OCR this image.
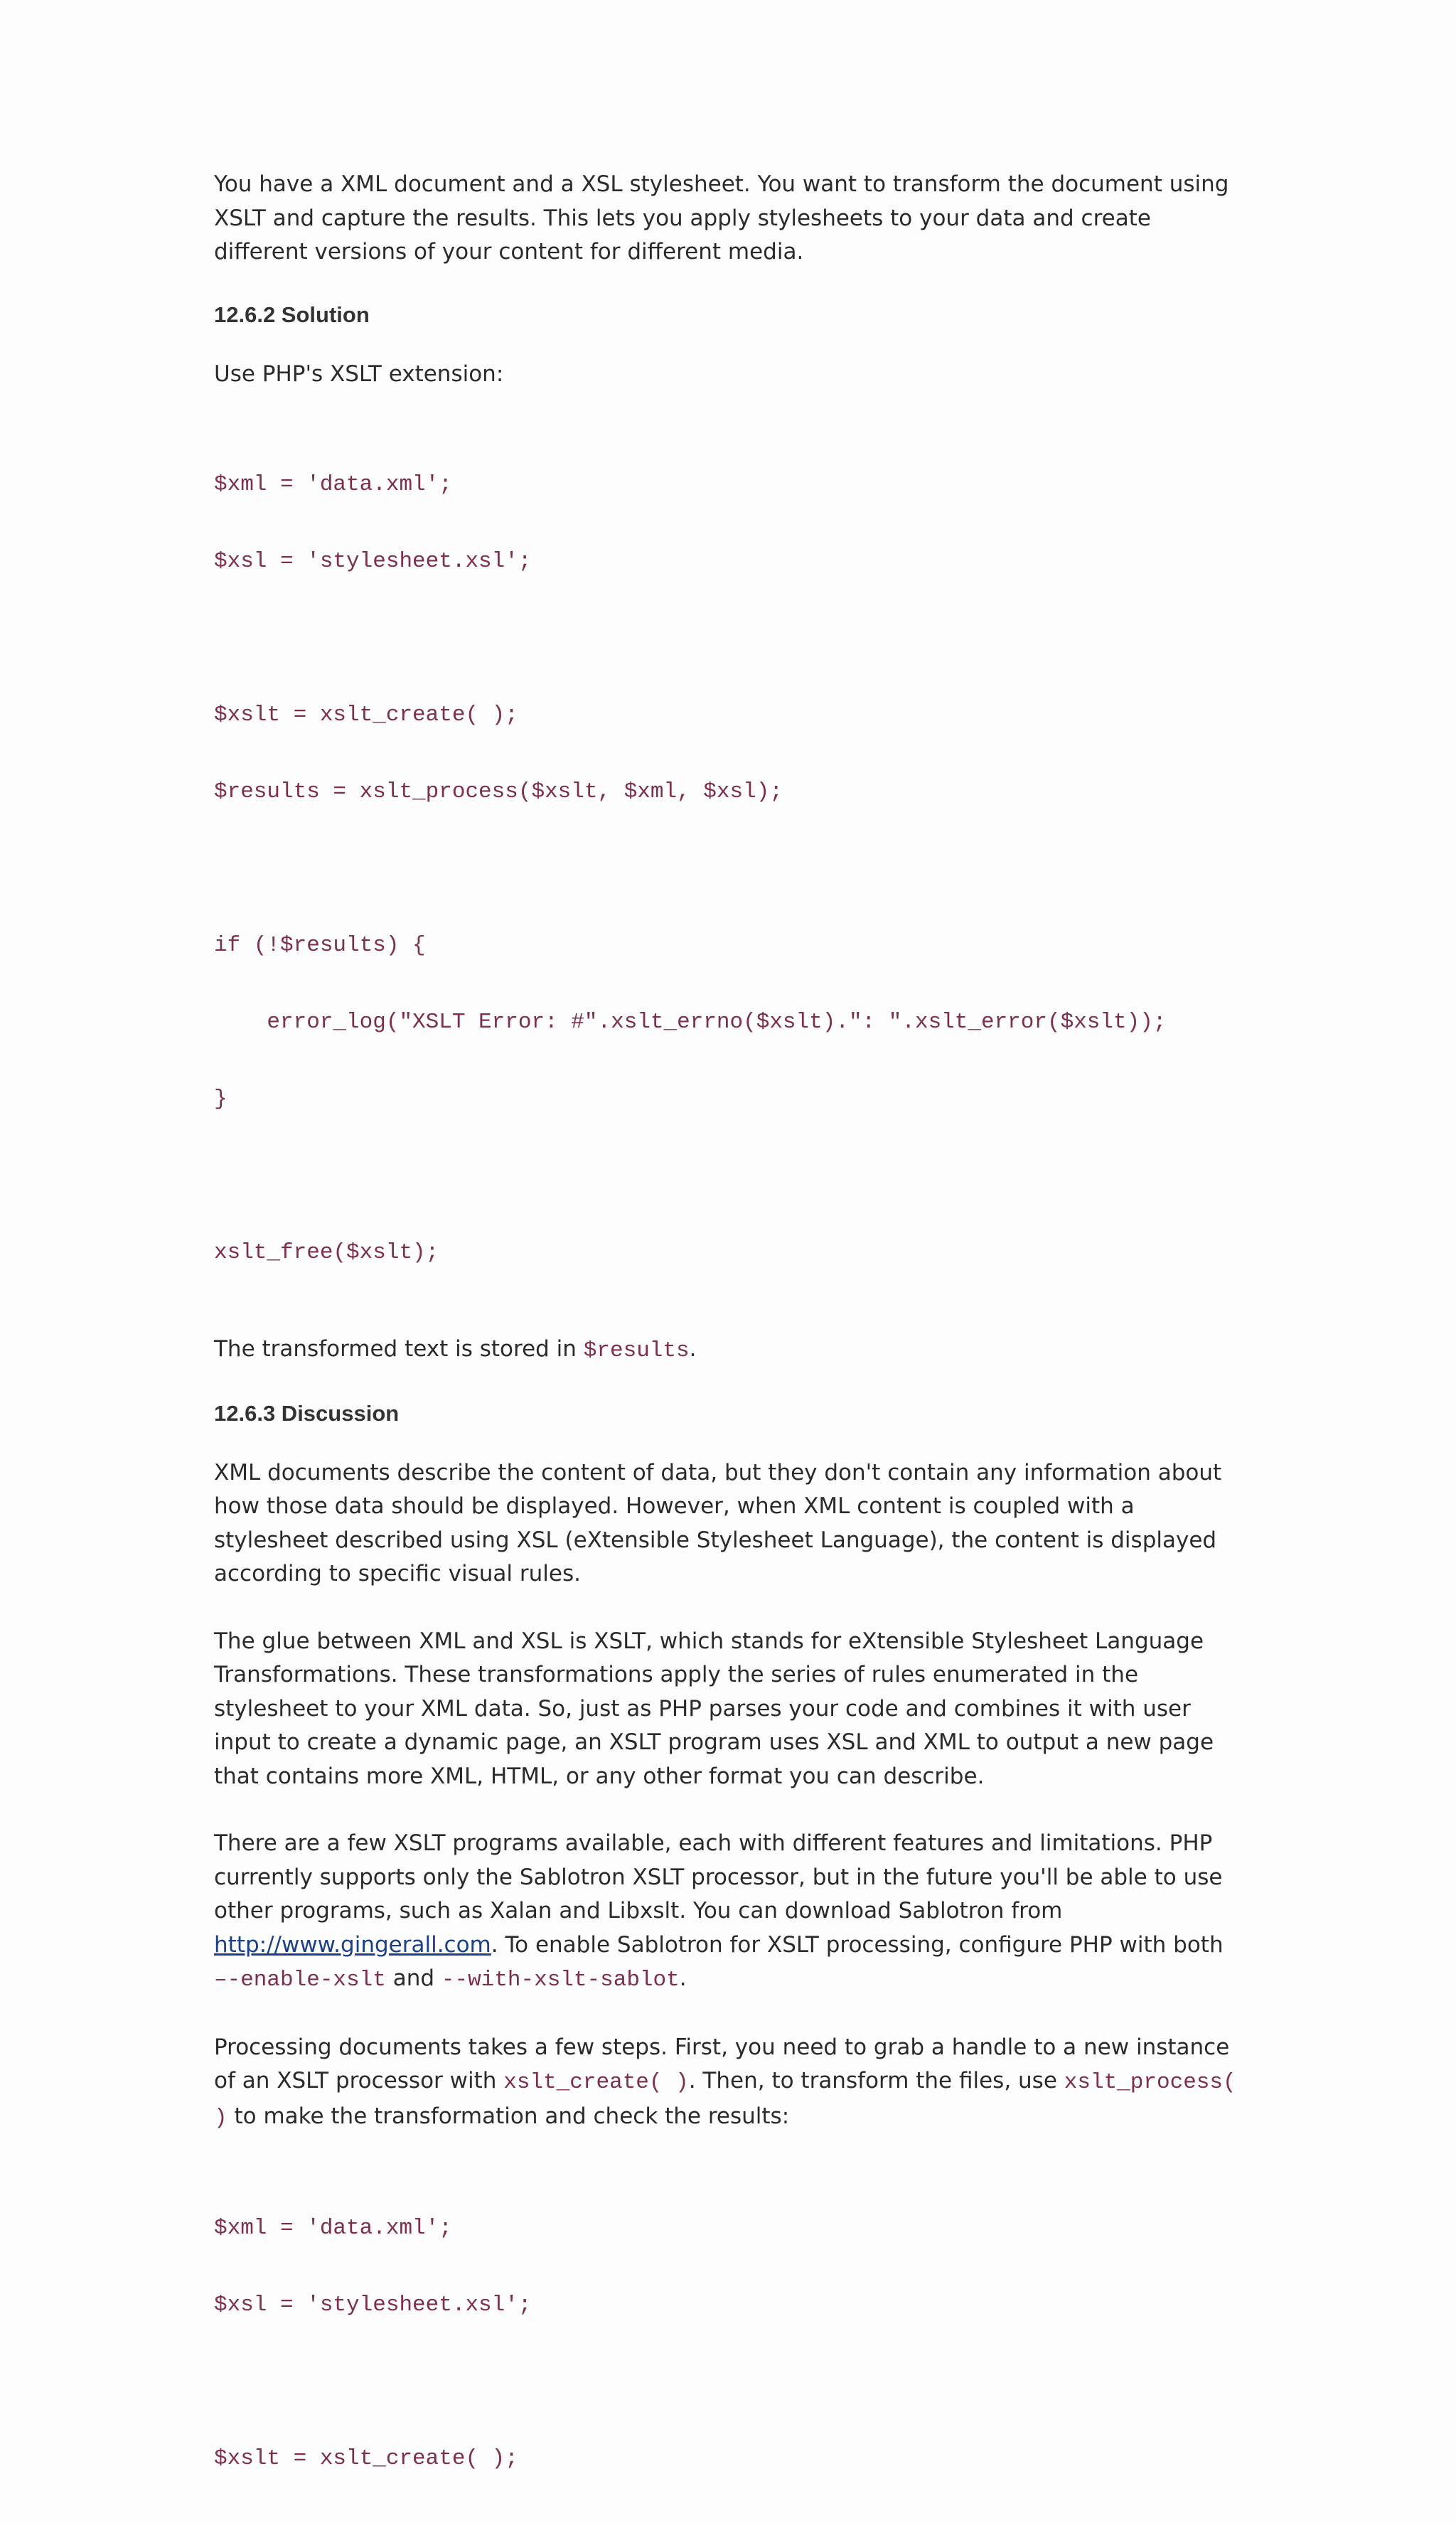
You have a XML document and a XSL stylesheet. You want to transform the document using XSLT and capture the results. This lets you apply stylesheets to your data and create different versions of your content for different media.

12.6.2 Solution

Use PHP's XSLT extension:

$xml = 'data.xml';

$xsl = 'stylesheet.xsl';

$xslt = xslt_create( );

$results = xslt_process($xslt, $xml, $xsl);

if (!$results) {

error_log("XSLT Error: #".xslt_errno($xslt).": ".xslt_error($xslt));

}

xslt_free($xslt);

The transformed text is stored in $results.

12.6.3 Discussion

XML documents describe the content of data, but they don't contain any information about how those data should be displayed. However, when XML content is coupled with a stylesheet described using XSL (eXtensible Stylesheet Language), the content is displayed according to specific visual rules.

The glue between XML and XSL is XSLT, which stands for eXtensible Stylesheet Language Transformations. These transformations apply the series of rules enumerated in the stylesheet to your XML data. So, just as PHP parses your code and combines it with user input to create a dynamic page, an XSLT program uses XSL and XML to output a new page that contains more XML, HTML, or any other format you can describe.

There are a few XSLT programs available, each with different features and limitations. PHP currently supports only the Sablotron XSLT processor, but in the future you'll be able to use other programs, such as Xalan and Libxslt. You can download Sablotron from http://www.gingerall.com. To enable Sablotron for XSLT processing, configure PHP with both –-enable-xslt and --with-xslt-sablot.

Processing documents takes a few steps. First, you need to grab a handle to a new instance of an XSLT processor with xslt_create( ). Then, to transform the files, use xslt_process( ) to make the transformation and check the results:

$xml = 'data.xml';

$xsl = 'stylesheet.xsl';

$xslt = xslt_create( );
